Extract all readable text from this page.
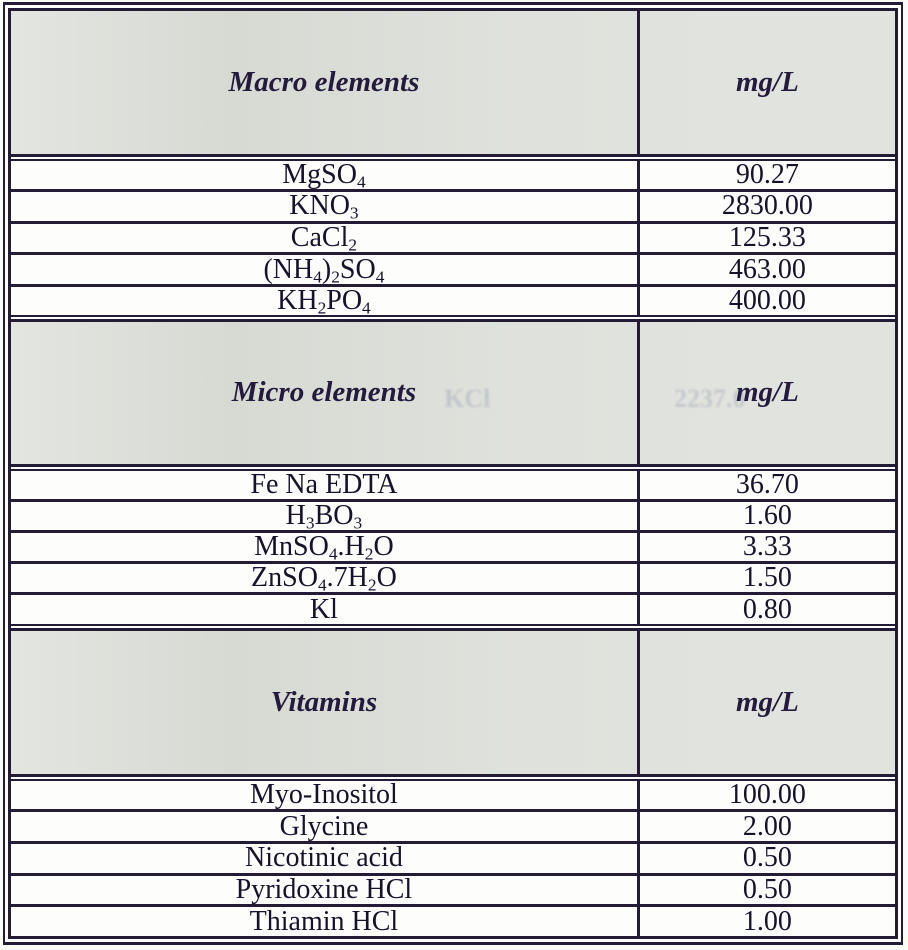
Macro elements	mg/L
MgSO$_4$	90.27
$KNO_3$	2830.00
CaCl$_2$	125.33
$(NH_4)_2SO_4$	463.00
$KH_2PO_4$	400.00
Micro elements	mg/L
KCl	2237.0
Fe Na EDTA	36.70
$H_3BO_3$	1.60
$MnSO_4.H_2O$	3.33
$ZnSO_4.7H_2O$	1.50
Kl	0.80
Vitamins	mg/L
Myo-Inositol	100.00
Glycine	2.00
Nicotinic acid	0.50
Pyridoxine HCl	0.50
Thiamin HCl	1.00
